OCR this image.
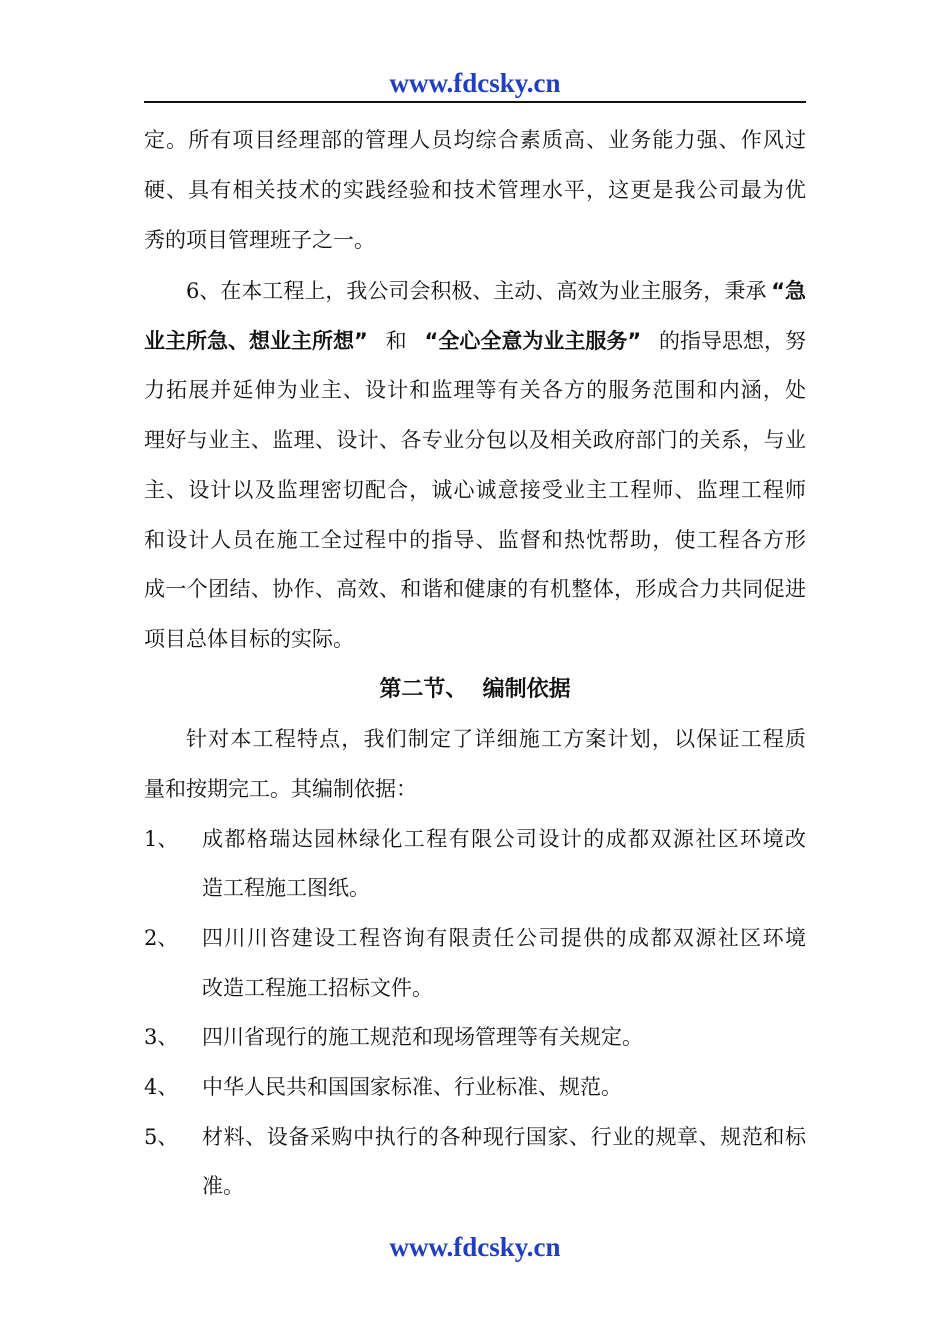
www.fdcsky.cn
定。所有项目经理部的管理人员均综合素质高、业务能力强、作风过
硬、具有相关技术的实践经验和技术管理水平，这更是我公司最为优
秀的项目管理班子之一。
6、在本工程上，我公司会积极、主动、高效为业主服务，秉承 “急
业主所急、想业主所想” 和 “全心全意为业主服务” 的指导思想，努
力拓展并延伸为业主、设计和监理等有关各方的服务范围和内涵，处
理好与业主、监理、设计、各专业分包以及相关政府部门的关系，与业
主、设计以及监理密切配合，诚心诚意接受业主工程师、监理工程师
和设计人员在施工全过程中的指导、监督和热忱帮助，使工程各方形
成一个团结、协作、高效、和谐和健康的有机整体，形成合力共同促进
项目总体目标的实际。
第二节、  编制依据
针对本工程特点，我们制定了详细施工方案计划，以保证工程质
量和按期完工。其编制依据：
1、	成都格瑞达园林绿化工程有限公司设计的成都双源社区环境改
造工程施工图纸。
2、	四川川咨建设工程咨询有限责任公司提供的成都双源社区环境
改造工程施工招标文件。
3、	四川省现行的施工规范和现场管理等有关规定。
4、	中华人民共和国国家标准、行业标准、规范。
5、	材料、设备采购中执行的各种现行国家、行业的规章、规范和标
准。
www.fdcsky.cn
